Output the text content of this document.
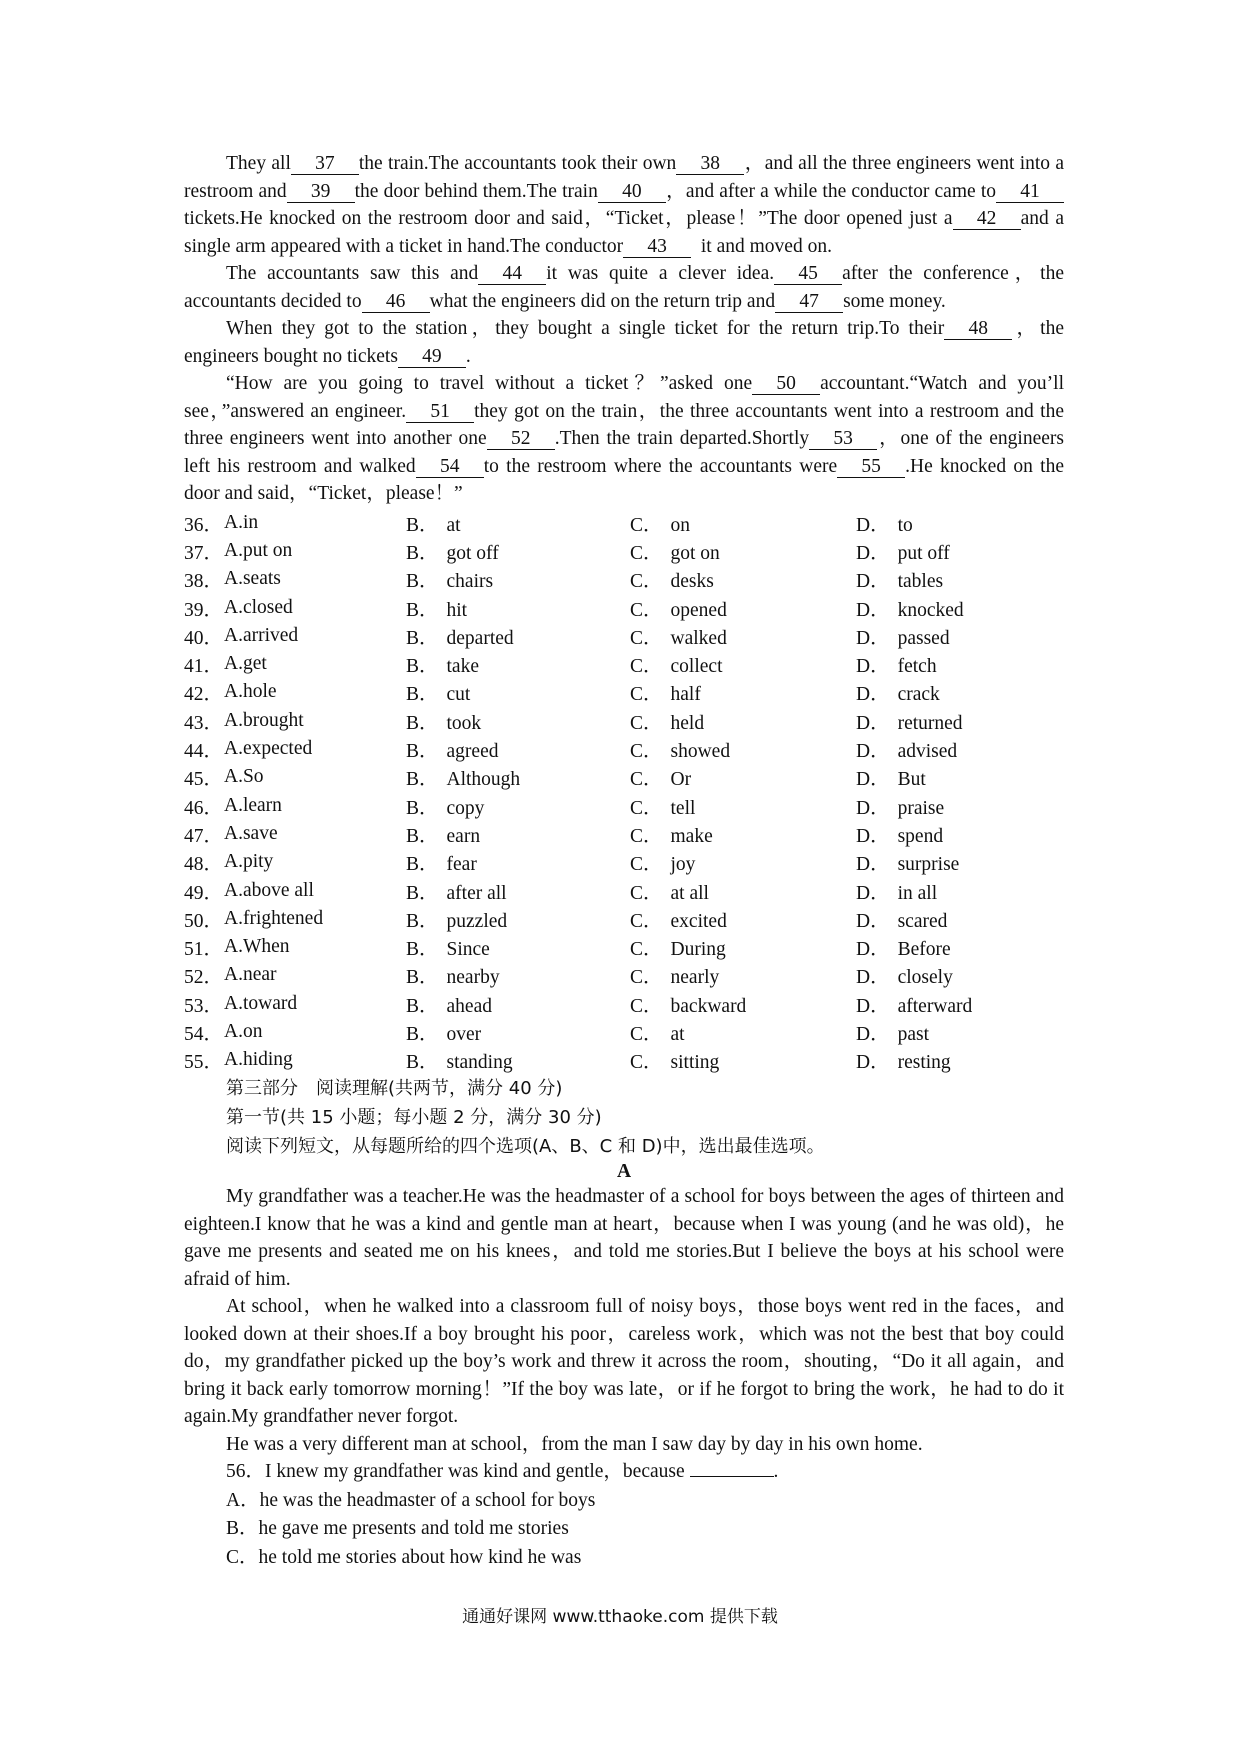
They all 37 the train.The accountants took their own 38 ，and all the three engineers went into a restroom and 39 the door behind them.The train 40 ，and after a while the conductor came to 41tickets.He knocked on the restroom door and said，“Ticket，please！”The door opened just a 42 and a single arm appeared with a ticket in hand.The conductor 43 it and moved on.

The accountants saw this and 44 it was quite a clever idea. 45 after the conference，the accountants decided to 46 what the engineers did on the return trip and 47 some money.

When they got to the station，they bought a single ticket for the return trip.To their 48 ，the engineers bought no tickets 49 .

“How are you going to travel without a ticket？”asked one 50 accountant.“Watch and you’ll see，”answered an engineer. 51 they got on the train，the three accountants went into a restroom and the three engineers went into another one 52 .Then the train departed.Shortly 53 ，one of the engineers left his restroom and walked 54 to the restroom where the accountants were 55 .He knocked on the door and said，“Ticket，please！”

36． A.in	B． at	C． on	D． to
37． A.put on	B． got off	C． got on	D． put off
38． A.seats	B． chairs	C． desks	D． tables
39． A.closed	B． hit	C． opened	D． knocked
40． A.arrived	B． departed	C． walked	D． passed
41． A.get	B． take	C． collect	D． fetch
42． A.hole	B． cut	C． half	D． crack
43． A.brought	B． took	C． held	D． returned
44． A.expected	B． agreed	C． showed	D． advised
45． A.So	B． Although	C． Or	D． But
46． A.learn	B． copy	C． tell	D． praise
47． A.save	B． earn	C． make	D． spend
48． A.pity	B． fear	C． joy	D． surprise
49． A.above all	B． after all	C． at all	D． in all
50． A.frightened	B． puzzled	C． excited	D． scared
51． A.When	B． Since	C． During	D． Before
52． A.near	B． nearby	C． nearly	D． closely
53． A.toward	B． ahead	C． backward	D． afterward
54． A.on	B． over	C． at	D． past
55． A.hiding	B． standing	C． sitting	D． resting
第三部分　阅读理解(共两节，满分 40 分)
第一节(共 15 小题；每小题 2 分，满分 30 分)
阅读下列短文，从每题所给的四个选项(A、B、C 和 D)中，选出最佳选项。
A

My grandfather was a teacher.He was the headmaster of a school for boys between the ages of thirteen and eighteen.I know that he was a kind and gentle man at heart，because when I was young (and he was old)，he gave me presents and seated me on his knees，and told me stories.But I believe the boys at his school were afraid of him.

At school，when he walked into a classroom full of noisy boys，those boys went red in the faces，and looked down at their shoes.If a boy brought his poor，careless work，which was not the best that boy could do，my grandfather picked up the boy’s work and threw it across the room，shouting，“Do it all again，and bring it back early tomorrow morning！”If the boy was late，or if he forgot to bring the work，he had to do it again.My grandfather never forgot.

He was a very different man at school，from the man I saw day by day in his own home.

56．I knew my grandfather was kind and gentle，because	.
A．he was the headmaster of a school for boys
B．he gave me presents and told me stories
C．he told me stories about how kind he was
通通好课网 www.tthaoke.com 提供下载
